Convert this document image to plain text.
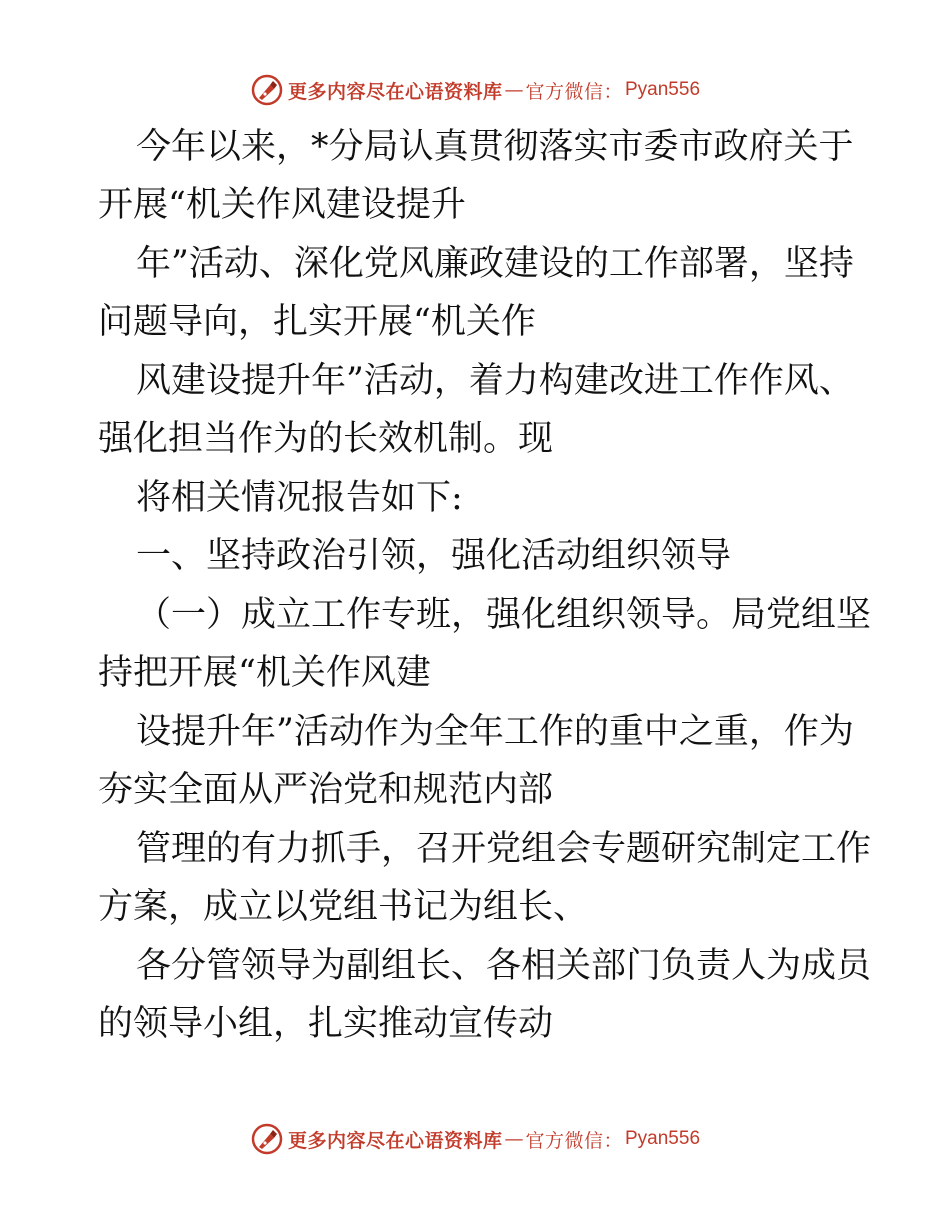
更多内容尽在心语资料库 — 官方微信： Pyan556
今年以来，*分局认真贯彻落实市委市政府关于
开展“机关作风建设提升
年”活动、深化党风廉政建设的工作部署，坚持
问题导向，扎实开展“机关作
风建设提升年”活动，着力构建改进工作作风、
强化担当作为的长效机制。现
将相关情况报告如下:
一、坚持政治引领，强化活动组织领导
（一）成立工作专班，强化组织领导。局党组坚
持把开展“机关作风建
设提升年”活动作为全年工作的重中之重，作为
夯实全面从严治党和规范内部
管理的有力抓手，召开党组会专题研究制定工作
方案，成立以党组书记为组长、
各分管领导为副组长、各相关部门负责人为成员
的领导小组，扎实推动宣传动
更多内容尽在心语资料库 — 官方微信： Pyan556
